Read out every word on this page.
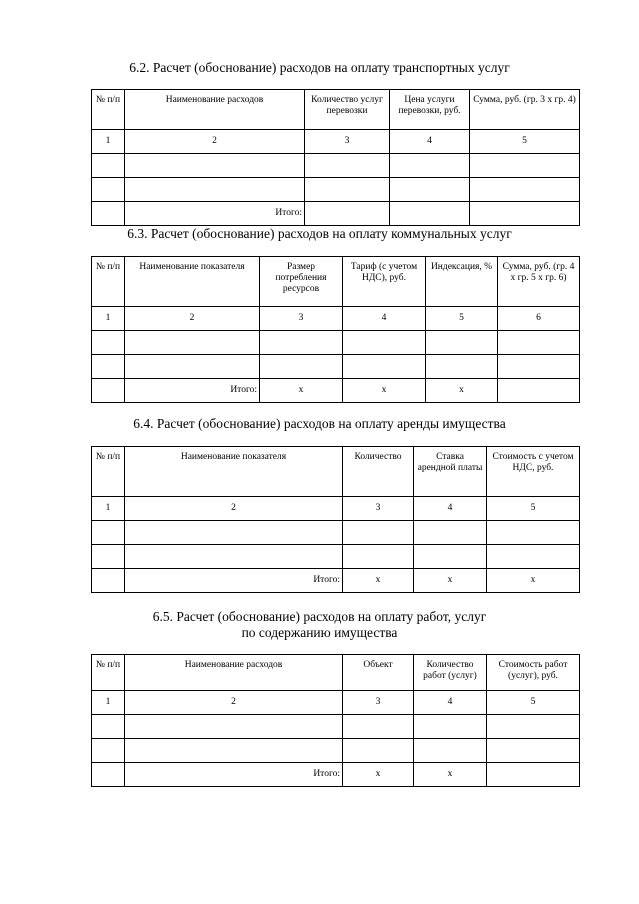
6.2. Расчет (обоснование) расходов на оплату транспортных услуг
№ п/п	Наименование расходов	Количество услуг перевозки	Цена услуги перевозки, руб.	Сумма, руб. (гр. 3 х гр. 4)
1	2	3	4	5

	Итого:			
6.3. Расчет (обоснование) расходов на оплату коммунальных услуг
№ п/п	Наименование показателя	Размер потребления ресурсов	Тариф (с учетом НДС), руб.	Индексация, %	Сумма, руб. (гр. 4 х гр. 5 х гр. 6)
1	2	3	4	5	6

	Итого:	х	х	х	
6.4. Расчет (обоснование) расходов на оплату аренды имущества
№ п/п	Наименование показателя	Количество	Ставка арендной платы	Стоимость с учетом НДС, руб.
1	2	3	4	5

	Итого:	х	х	х
6.5. Расчет (обоснование) расходов на оплату работ, услуг
по содержанию имущества
№ п/п	Наименование расходов	Объект	Количество работ (услуг)	Стоимость работ (услуг), руб.
1	2	3	4	5

	Итого:	х	х	
